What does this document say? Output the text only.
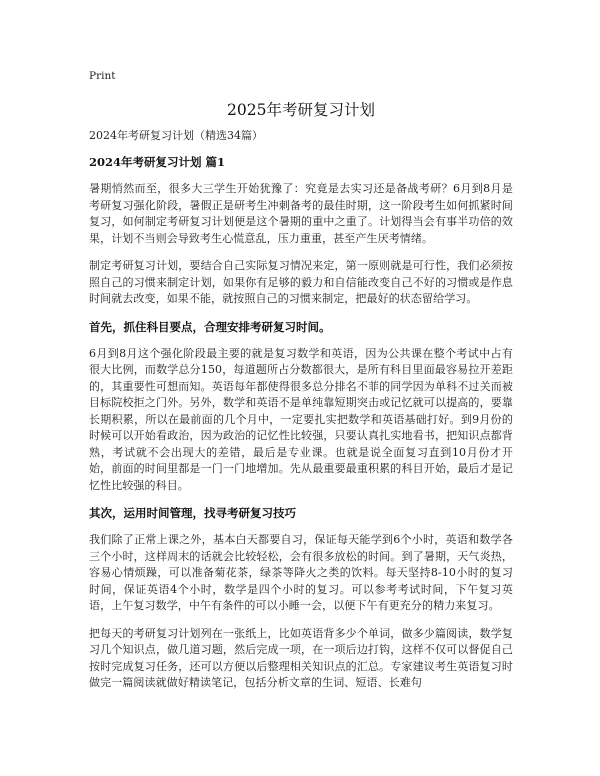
Print
2025年考研复习计划

2024年考研复习计划（精选34篇）

2024年考研复习计划 篇1

暑期悄然而至，很多大三学生开始犹豫了：究竟是去实习还是备战考研？6月到8月是考研复习强化阶段，暑假正是研考生冲刺备考的最佳时期，这一阶段考生如何抓紧时间复习，如何制定考研复习计划便是这个暑期的重中之重了。计划得当会有事半功倍的效果，计划不当则会导致考生心慌意乱，压力重重，甚至产生厌考情绪。

制定考研复习计划，要结合自己实际复习情况来定，第一原则就是可行性，我们必须按照自己的习惯来制定计划，如果你有足够的毅力和自信能改变自己不好的习惯或是作息时间就去改变，如果不能，就按照自己的习惯来制定，把最好的状态留给学习。

首先，抓住科目要点，合理安排考研复习时间。

6月到8月这个强化阶段最主要的就是复习数学和英语，因为公共课在整个考试中占有很大比例，而数学总分150，每道题所占分数都很大，是所有科目里面最容易拉开差距的，其重要性可想而知。英语每年都使得很多总分排名不菲的同学因为单科不过关而被目标院校拒之门外。另外，数学和英语不是单纯靠短期突击或记忆就可以提高的，要靠长期积累，所以在最前面的几个月中，一定要扎实把数学和英语基础打好。到9月份的时候可以开始看政治，因为政治的记忆性比较强，只要认真扎实地看书，把知识点都背熟，考试就不会出现大的差错，最后是专业课。也就是说全面复习直到10月份才开始，前面的时间里都是一门一门地增加。先从最重要最重积累的科目开始，最后才是记忆性比较强的科目。

其次，运用时间管理，找寻考研复习技巧

我们除了正常上课之外，基本白天都要自习，保证每天能学到6个小时，英语和数学各三个小时，这样周末的话就会比较轻松，会有很多放松的时间。到了暑期，天气炎热，容易心情烦躁，可以准备菊花茶，绿茶等降火之类的饮料。每天坚持8-10小时的复习时间，保证英语4个小时，数学是四个小时的复习。可以参考考试时间，下午复习英语，上午复习数学，中午有条件的可以小睡一会，以便下午有更充分的精力来复习。

把每天的考研复习计划列在一张纸上，比如英语背多少个单词，做多少篇阅读，数学复习几个知识点，做几道习题，然后完成一项，在一项后边打钩，这样不仅可以督促自己按时完成复习任务，还可以方便以后整理相关知识点的汇总。专家建议考生英语复习时做完一篇阅读就做好精读笔记，包括分析文章的生词、短语、长难句
